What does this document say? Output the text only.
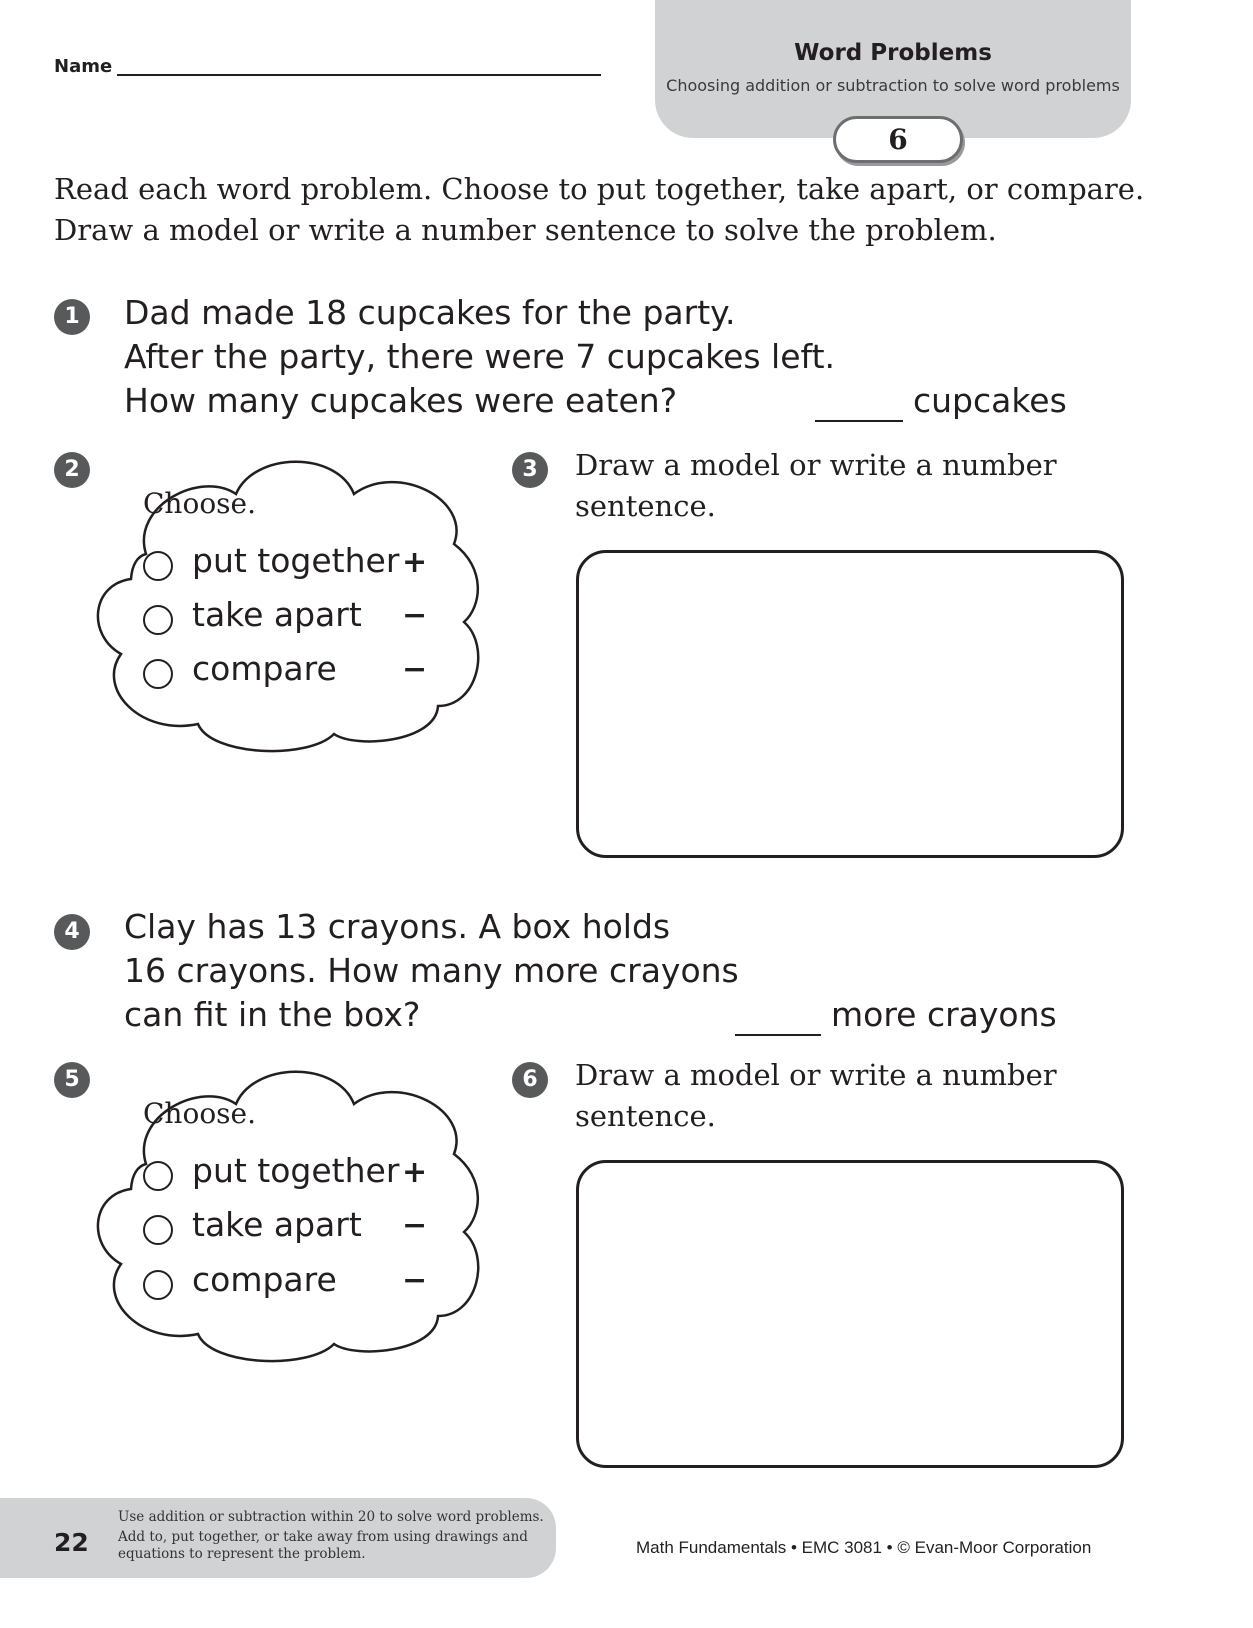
Word Problems
Choosing addition or subtraction to solve word problems
6
Name
Read each word problem. Choose to put together, take apart, or compare.
Draw a model or write a number sentence to solve the problem.
1	Dad made 18 cupcakes for the party.
After the party, there were 7 cupcakes left.
How many cupcakes were eaten?	cupcakes
2
Choose.
put together +
take apart −
compare −
3	Draw a model or write a number
sentence.
4	Clay has 13 crayons. A box holds
16 crayons. How many more crayons
can fit in the box?	more crayons
5
Choose.
put together +
take apart −
compare −
6	Draw a model or write a number
sentence.
22
Use addition or subtraction within 20 to solve word problems.
Add to, put together, or take away from using drawings and
equations to represent the problem.	Math Fundamentals • EMC 3081 • © Evan-Moor Corporation
